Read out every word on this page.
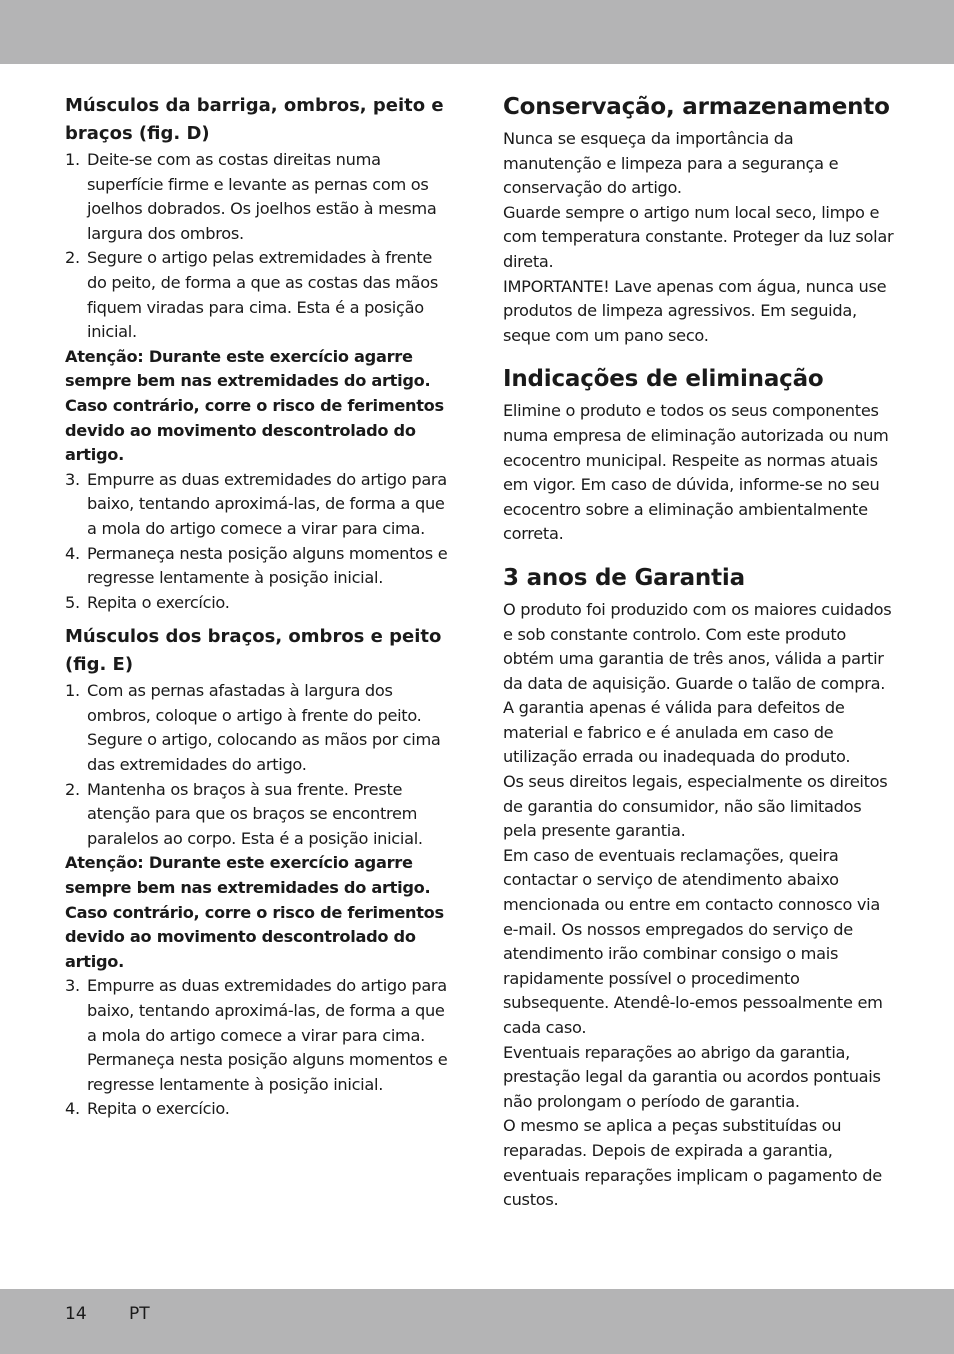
Músculos da barriga, ombros, peito e braços (fig. D)
1. Deite-se com as costas direitas numa superfície firme e levante as pernas com os joelhos dobrados. Os joelhos estão à mesma largura dos ombros.
2. Segure o artigo pelas extremidades à frente do peito, de forma a que as costas das mãos fiquem viradas para cima. Esta é a posição inicial.

Atenção: Durante este exercício agarre sempre bem nas extremidades do artigo. Caso contrário, corre o risco de ferimentos devido ao movimento descontrolado do artigo.

3. Empurre as duas extremidades do artigo para baixo, tentando aproximá-las, de forma a que a mola do artigo comece a virar para cima.
4. Permaneça nesta posição alguns momentos e regresse lentamente à posição inicial.
5. Repita o exercício.
Músculos dos braços, ombros e peito (fig. E)
1. Com as pernas afastadas à largura dos ombros, coloque o artigo à frente do peito. Segure o artigo, colocando as mãos por cima das extremidades do artigo.
2. Mantenha os braços à sua frente. Preste atenção para que os braços se encontrem paralelos ao corpo. Esta é a posição inicial.

Atenção: Durante este exercício agarre sempre bem nas extremidades do artigo. Caso contrário, corre o risco de ferimentos devido ao movimento descontrolado do artigo.

3. Empurre as duas extremidades do artigo para baixo, tentando aproximá-las, de forma a que a mola do artigo comece a virar para cima. Permaneça nesta posição alguns momentos e regresse lentamente à posição inicial.
4. Repita o exercício.
Conservação, armazenamento

Nunca se esqueça da importância da manutenção e limpeza para a segurança e conservação do artigo.

Guarde sempre o artigo num local seco, limpo e com temperatura constante. Proteger da luz solar direta.

IMPORTANTE! Lave apenas com água, nunca use produtos de limpeza agressivos. Em seguida, seque com um pano seco.

Indicações de eliminação

Elimine o produto e todos os seus componentes numa empresa de eliminação autorizada ou num ecocentro municipal. Respeite as normas atuais em vigor. Em caso de dúvida, informe-se no seu ecocentro sobre a eliminação ambientalmente correta.

3 anos de Garantia

O produto foi produzido com os maiores cuidados e sob constante controlo. Com este produto obtém uma garantia de três anos, válida a partir da data de aquisição. Guarde o talão de compra.

A garantia apenas é válida para defeitos de material e fabrico e é anulada em caso de utilização errada ou inadequada do produto.

Os seus direitos legais, especialmente os direitos de garantia do consumidor, não são limitados pela presente garantia.

Em caso de eventuais reclamações, queira contactar o serviço de atendimento abaixo mencionada ou entre em contacto connosco via e-mail. Os nossos empregados do serviço de atendimento irão combinar consigo o mais rapidamente possível o procedimento subsequente. Atendê-lo-emos pessoalmente em cada caso.

Eventuais reparações ao abrigo da garantia, prestação legal da garantia ou acordos pontuais não prolongam o período de garantia.

O mesmo se aplica a peças substituídas ou reparadas. Depois de expirada a garantia, eventuais reparações implicam o pagamento de custos.

14 PT
